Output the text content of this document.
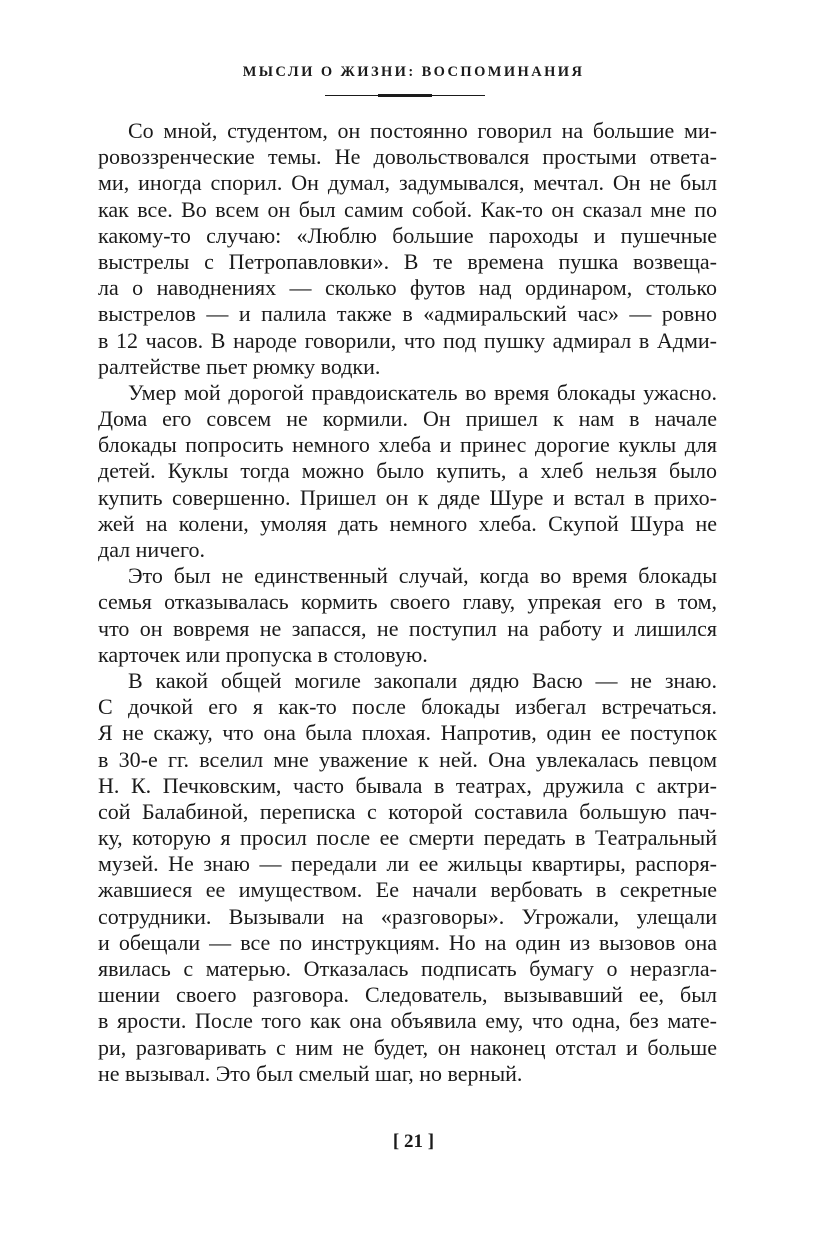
МЫСЛИ О ЖИЗНИ: ВОСПОМИНАНИЯ

Со мной, студентом, он постоянно говорил на большие ми-
ровоззренческие темы. Не довольствовался простыми ответа-
ми, иногда спорил. Он думал, задумывался, мечтал. Он не был
как все. Во всем он был самим собой. Как-то он сказал мне по
какому-то случаю: «Люблю большие пароходы и пушечные
выстрелы с Петропавловки». В те времена пушка возвеща-
ла о наводнениях — сколько футов над ординаром, столько
выстрелов — и палила также в «адмиральский час» — ровно
в 12 часов. В народе говорили, что под пушку адмирал в Адми-
ралтействе пьет рюмку водки.

Умер мой дорогой правдоискатель во время блокады ужасно.
Дома его совсем не кормили. Он пришел к нам в начале
блокады попросить немного хлеба и принес дорогие куклы для
детей. Куклы тогда можно было купить, а хлеб нельзя было
купить совершенно. Пришел он к дяде Шуре и встал в прихо-
жей на колени, умоляя дать немного хлеба. Скупой Шура не
дал ничего.

Это был не единственный случай, когда во время блокады
семья отказывалась кормить своего главу, упрекая его в том,
что он вовремя не запасся, не поступил на работу и лишился
карточек или пропуска в столовую.

В какой общей могиле закопали дядю Васю — не знаю.
С дочкой его я как-то после блокады избегал встречаться.
Я не скажу, что она была плохая. Напротив, один ее поступок
в 30-е гг. вселил мне уважение к ней. Она увлекалась певцом
Н. К. Печковским, часто бывала в театрах, дружила с актри-
сой Балабиной, переписка с которой составила большую пач-
ку, которую я просил после ее смерти передать в Театральный
музей. Не знаю — передали ли ее жильцы квартиры, распоря-
жавшиеся ее имуществом. Ее начали вербовать в секретные
сотрудники. Вызывали на «разговоры». Угрожали, улещали
и обещали — все по инструкциям. Но на один из вызовов она
явилась с матерью. Отказалась подписать бумагу о неразгла-
шении своего разговора. Следователь, вызывавший ее, был
в ярости. После того как она объявила ему, что одна, без мате-
ри, разговаривать с ним не будет, он наконец отстал и больше
не вызывал. Это был смелый шаг, но верный.

[ 21 ]
